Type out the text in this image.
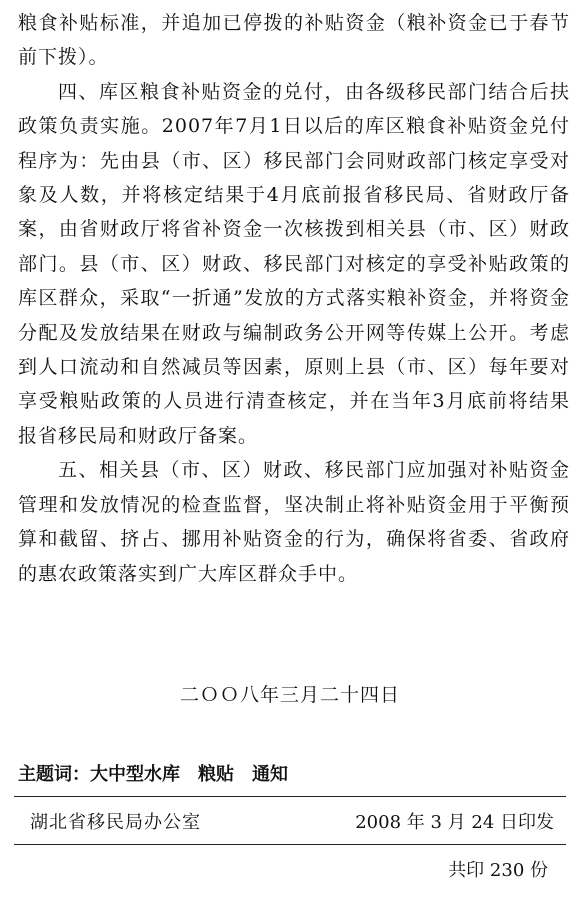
粮食补贴标准，并追加已停拨的补贴资金（粮补资金已于春节前下拨）。

四、库区粮食补贴资金的兑付，由各级移民部门结合后扶政策负责实施。2007年7月1日以后的库区粮食补贴资金兑付程序为：先由县（市、区）移民部门会同财政部门核定享受对象及人数，并将核定结果于4月底前报省移民局、省财政厅备案，由省财政厅将省补资金一次核拨到相关县（市、区）财政部门。县（市、区）财政、移民部门对核定的享受补贴政策的库区群众，采取“一折通”发放的方式落实粮补资金，并将资金分配及发放结果在财政与编制政务公开网等传媒上公开。考虑到人口流动和自然减员等因素，原则上县（市、区）每年要对享受粮贴政策的人员进行清查核定，并在当年3月底前将结果报省移民局和财政厅备案。

五、相关县（市、区）财政、移民部门应加强对补贴资金管理和发放情况的检查监督，坚决制止将补贴资金用于平衡预算和截留、挤占、挪用补贴资金的行为，确保将省委、省政府的惠农政策落实到广大库区群众手中。

二ＯＯ八年三月二十四日
主题词：大中型水库 粮贴 通知
湖北省移民局办公室	2008 年 3 月 24 日印发
共印 230 份
